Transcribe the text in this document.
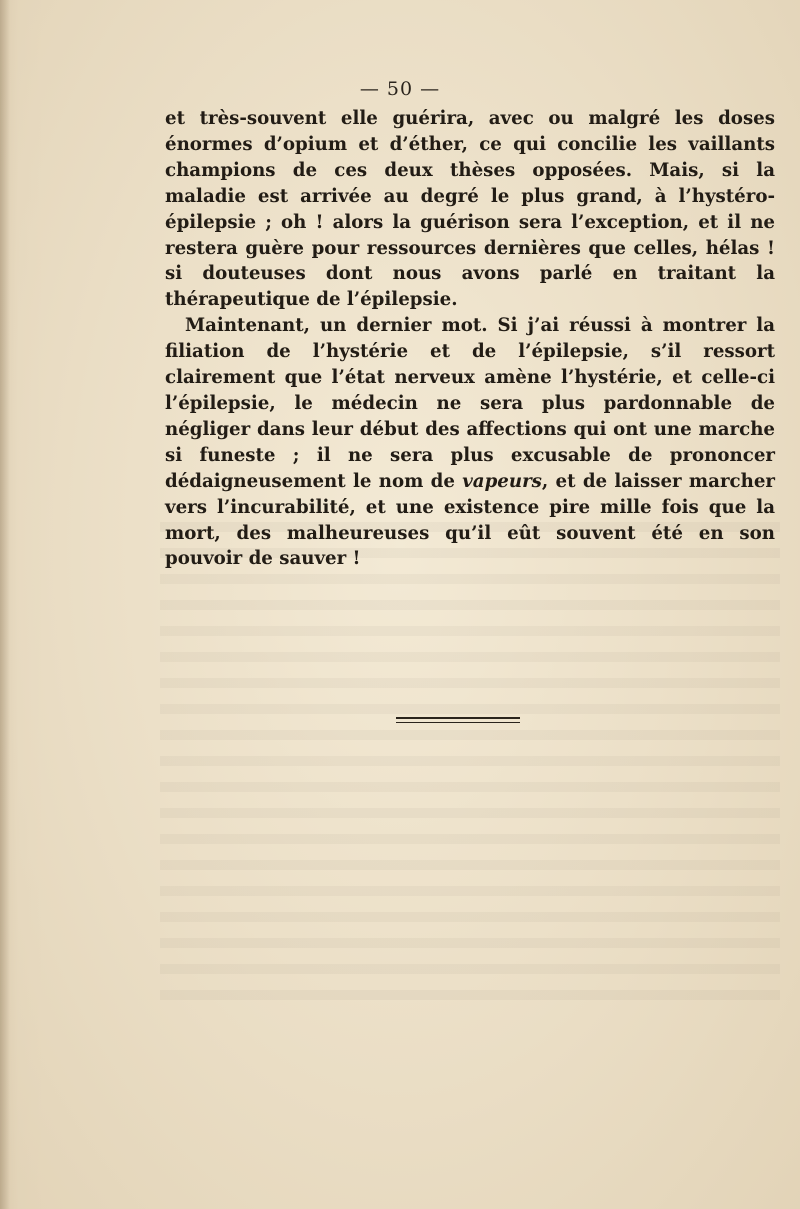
— 50 —

et très-souvent elle guérira, avec ou malgré les doses énormes d’opium et d’éther, ce qui concilie les vaillants champions de ces deux thèses opposées. Mais, si la maladie est arrivée au degré le plus grand, à l’hystéro-épilepsie ; oh ! alors la guérison sera l’exception, et il ne restera guère pour ressources dernières que celles, hélas ! si douteuses dont nous avons parlé en traitant la thérapeutique de l’épilepsie.

Maintenant, un dernier mot. Si j’ai réussi à montrer la filiation de l’hystérie et de l’épilepsie, s’il ressort clairement que l’état nerveux amène l’hystérie, et celle-ci l’épilepsie, le médecin ne sera plus pardonnable de négliger dans leur début des affections qui ont une marche si funeste ; il ne sera plus excusable de prononcer dédaigneusement le nom de vapeurs, et de laisser marcher vers l’incurabilité, et une existence pire mille fois que la mort, des malheureuses qu’il eût souvent été en son pouvoir de sauver !
